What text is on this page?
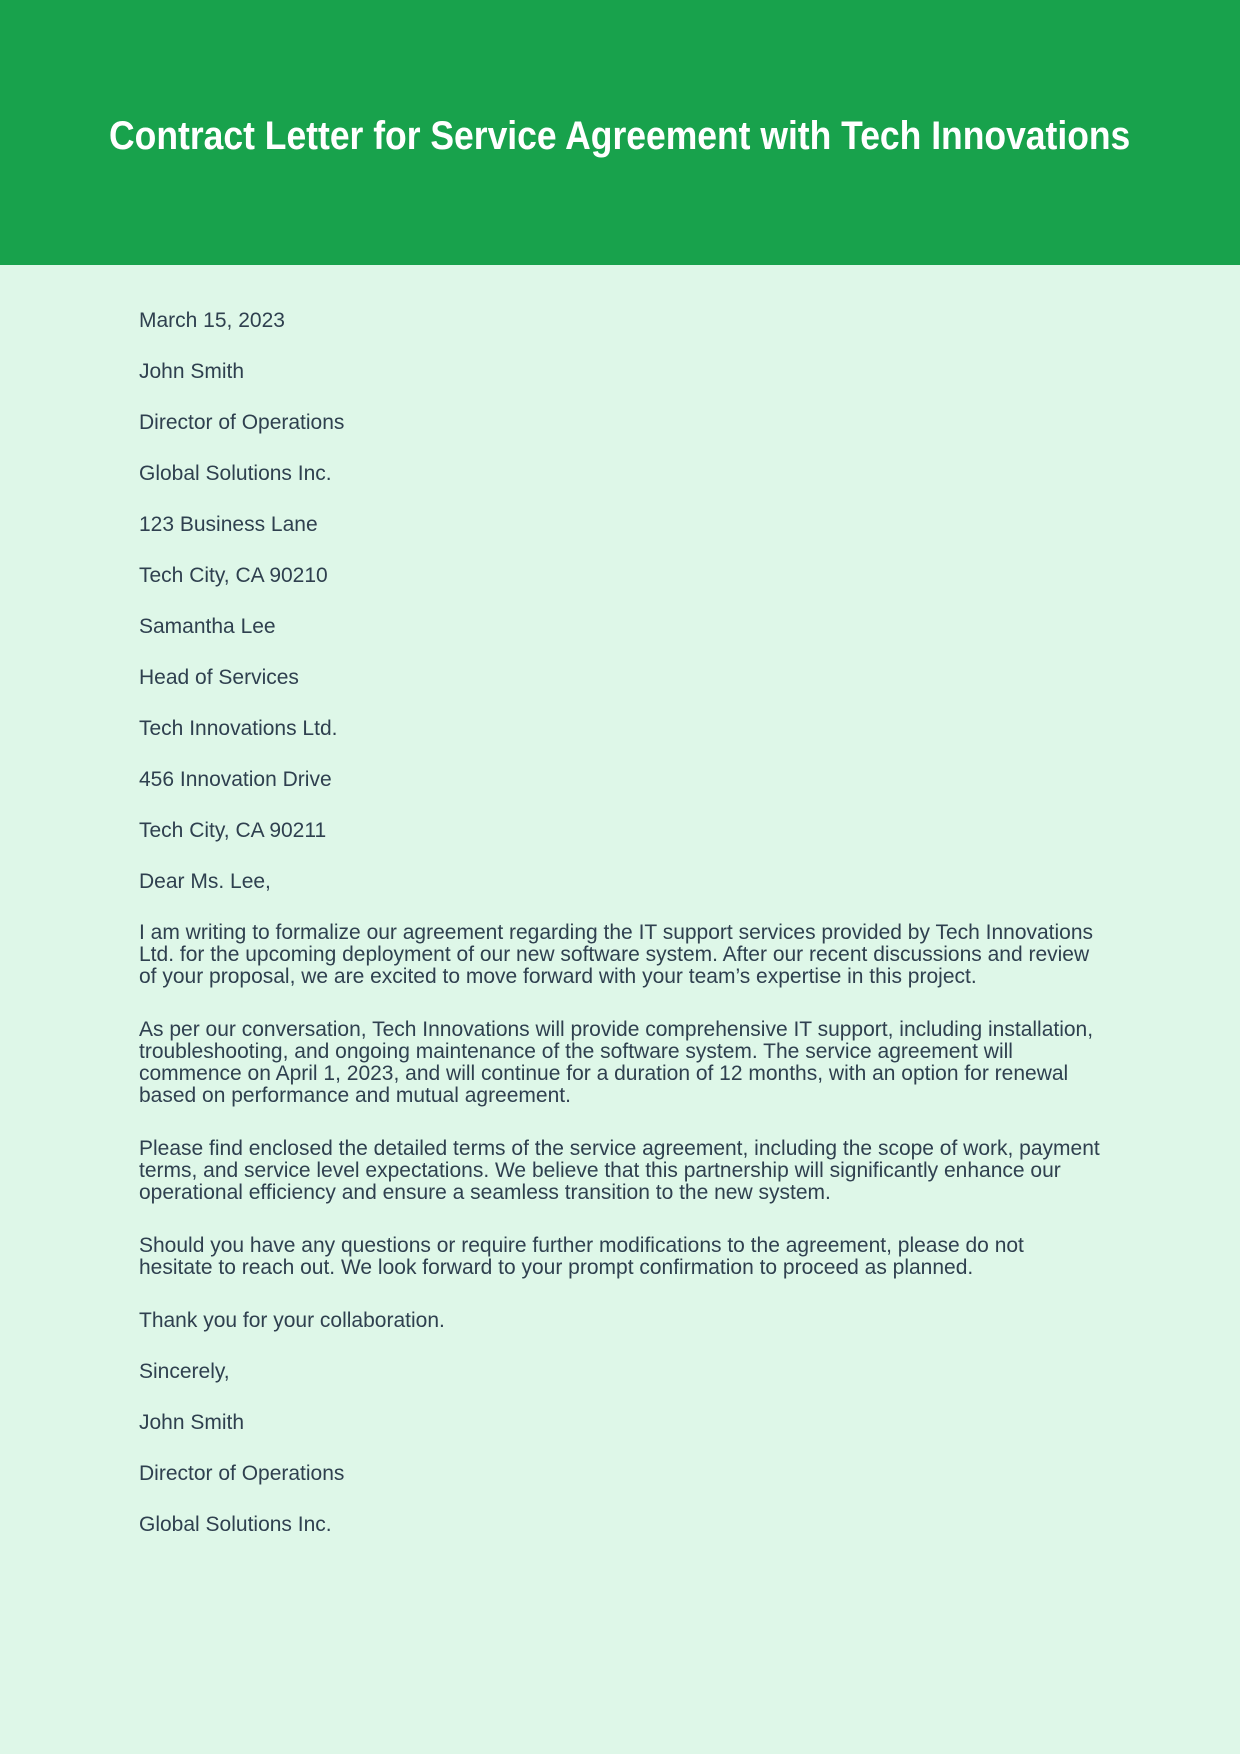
Contract Letter for Service Agreement with Tech Innovations

March 15, 2023

John Smith

Director of Operations

Global Solutions Inc.

123 Business Lane

Tech City, CA 90210

Samantha Lee

Head of Services

Tech Innovations Ltd.

456 Innovation Drive

Tech City, CA 90211

Dear Ms. Lee,

I am writing to formalize our agreement regarding the IT support services provided by Tech Innovations Ltd. for the upcoming deployment of our new software system. After our recent discussions and review of your proposal, we are excited to move forward with your team’s expertise in this project.

As per our conversation, Tech Innovations will provide comprehensive IT support, including installation, troubleshooting, and ongoing maintenance of the software system. The service agreement will commence on April 1, 2023, and will continue for a duration of 12 months, with an option for renewal based on performance and mutual agreement.

Please find enclosed the detailed terms of the service agreement, including the scope of work, payment terms, and service level expectations. We believe that this partnership will significantly enhance our operational efficiency and ensure a seamless transition to the new system.

Should you have any questions or require further modifications to the agreement, please do not hesitate to reach out. We look forward to your prompt confirmation to proceed as planned.

Thank you for your collaboration.

Sincerely,

John Smith

Director of Operations

Global Solutions Inc.
